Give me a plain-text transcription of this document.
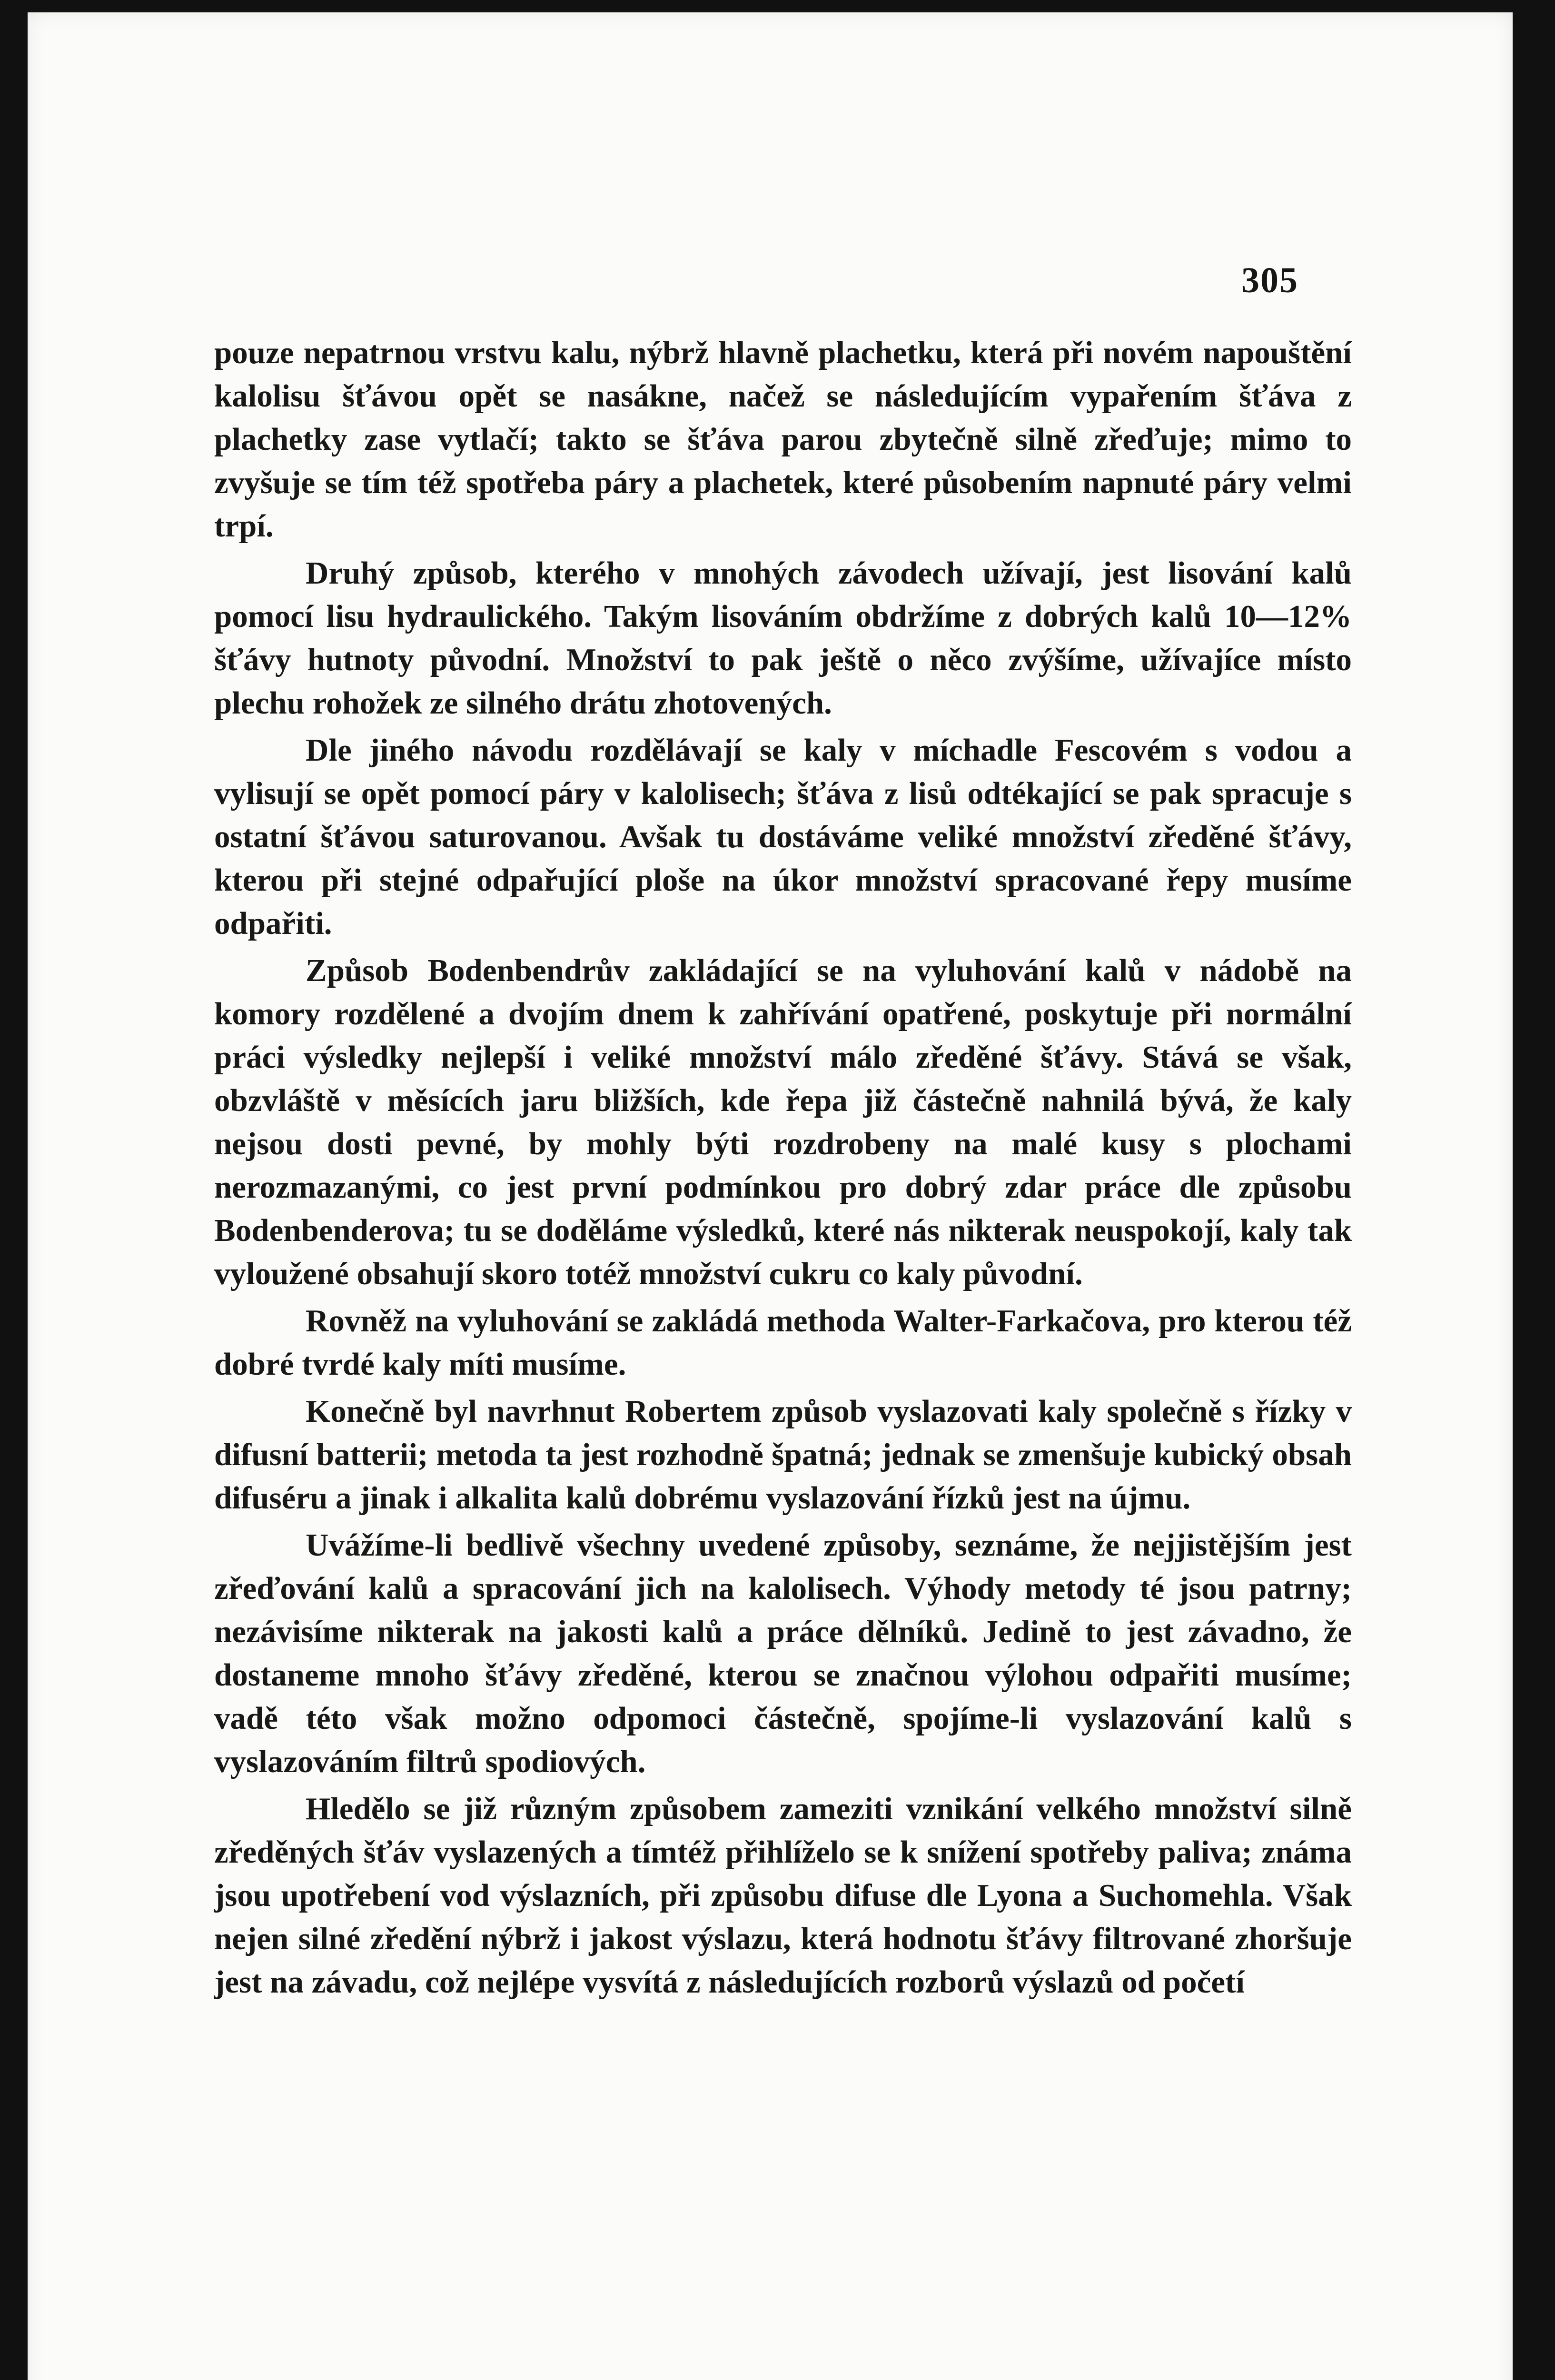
305

pouze nepatrnou vrstvu kalu, nýbrž hlavně plachetku, která při novém napouštění kalolisu šťávou opět se nasákne, načež se následujícím vypařením šťáva z plachetky zase vytlačí; takto se šťáva parou zbytečně silně zřeďuje; mimo to zvyšuje se tím též spotřeba páry a plachetek, které působením napnuté páry velmi trpí.

Druhý způsob, kterého v mnohých závodech užívají, jest lisování kalů pomocí lisu hydraulického. Takým lisováním obdržíme z dobrých kalů 10—12% šťávy hutnoty původní. Množství to pak ještě o něco zvýšíme, užívajíce místo plechu rohožek ze silného drátu zhotovených.

Dle jiného návodu rozdělávají se kaly v míchadle Fescovém s vodou a vylisují se opět pomocí páry v kalolisech; šťáva z lisů odtékající se pak spracuje s ostatní šťávou saturovanou. Avšak tu dostáváme veliké množství zředěné šťávy, kterou při stejné odpařující ploše na úkor množství spracované řepy musíme odpařiti.

Způsob Bodenbendrův zakládající se na vyluhování kalů v nádobě na komory rozdělené a dvojím dnem k zahřívání opatřené, poskytuje při normální práci výsledky nejlepší i veliké množství málo zředěné šťávy. Stává se však, obzvláště v měsících jaru bližších, kde řepa již částečně nahnilá bývá, že kaly nejsou dosti pevné, by mohly býti rozdrobeny na malé kusy s plochami nerozmazanými, co jest první podmínkou pro dobrý zdar práce dle způsobu Bodenbenderova; tu se doděláme výsledků, které nás nikterak neuspokojí, kaly tak vyloužené obsahují skoro totéž množství cukru co kaly původní.

Rovněž na vyluhování se zakládá methoda Walter-Farkačova, pro kterou též dobré tvrdé kaly míti musíme.

Konečně byl navrhnut Robertem způsob vyslazovati kaly společně s řízky v difusní batterii; metoda ta jest rozhodně špatná; jednak se zmenšuje kubický obsah difuséru a jinak i alkalita kalů dobrému vyslazování řízků jest na újmu.

Uvážíme-li bedlivě všechny uvedené způsoby, seznáme, že nejjistějším jest zřeďování kalů a spracování jich na kalolisech. Výhody metody té jsou patrny; nezávisíme nikterak na jakosti kalů a práce dělníků. Jedině to jest závadno, že dostaneme mnoho šťávy zředěné, kterou se značnou výlohou odpařiti musíme; vadě této však možno odpomoci částečně, spojíme-li vyslazování kalů s vyslazováním filtrů spodiových.

Hledělo se již různým způsobem zameziti vznikání velkého množství silně zředěných šťáv vyslazených a tímtéž přihlíželo se k snížení spotřeby paliva; známa jsou upotřebení vod výslazních, při způsobu difuse dle Lyona a Suchomehla. Však nejen silné zředění nýbrž i jakost výslazu, která hodnotu šťávy filtrované zhoršuje jest na závadu, což nejlépe vysvítá z následujících rozborů výslazů od početí
